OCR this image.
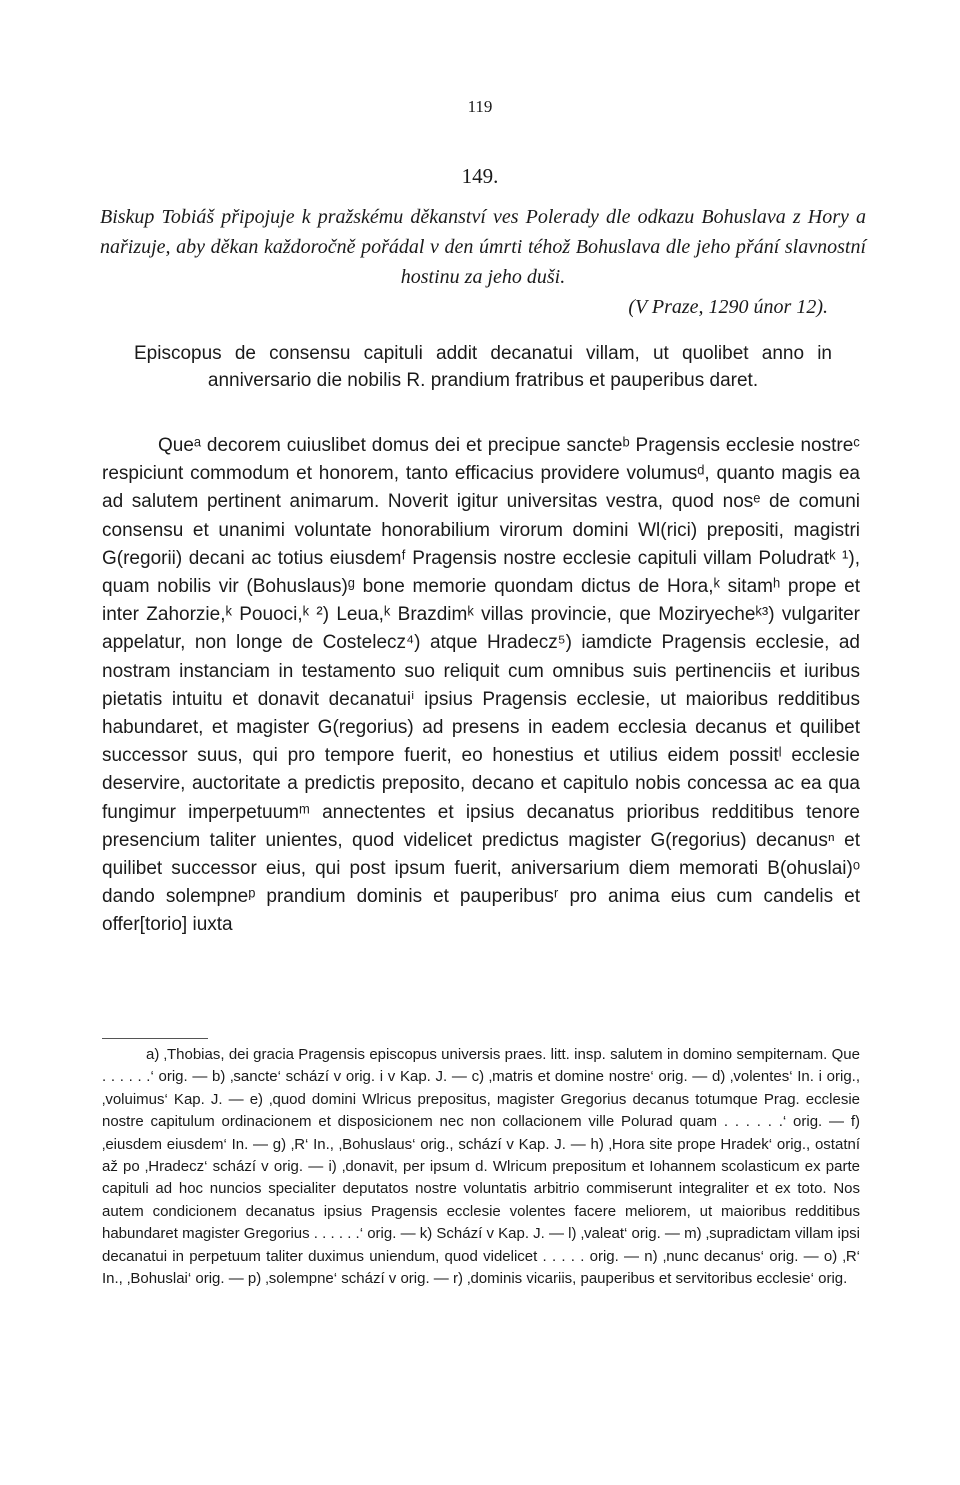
119
149.
Biskup Tobiáš připojuje k pražskému děkanství ves Polerady dle odkazu Bohuslava z Hory a nařizuje, aby děkan každoročně pořádal v den úmrti téhož Bohuslava dle jeho přání slavnostní hostinu za jeho duši.
(V Praze, 1290 únor 12).
Episcopus de consensu capituli addit decanatui villam, ut quolibet anno in anniversario die nobilis R. prandium fratribus et pauperibus daret.
Queᵃ decorem cuiuslibet domus dei et precipue sancteᵇ Pragensis ecclesie nostreᶜ respiciunt commodum et honorem, tanto efficacius providere volumusᵈ, quanto magis ea ad salutem pertinent animarum. Noverit igitur universitas vestra, quod nosᵉ de comuni consensu et unanimi voluntate honorabilium virorum domini Wl(rici) prepositi, magistri G(regorii) decani ac totius eiusdemᶠ Pragensis nostre ecclesie capituli villam Poludratᵏ ¹), quam nobilis vir (Bohuslaus)ᵍ bone memorie quondam dictus de Hora,ᵏ sitamʰ prope et inter Zahorzie,ᵏ Pouoci,ᵏ ²) Leua,ᵏ Brazdimᵏ villas provincie, que Moziryecheᵏ³) vulgariter appelatur, non longe de Costelecz⁴) atque Hradecz⁵) iamdicte Pragensis ecclesie, ad nostram instanciam in testamento suo reliquit cum omnibus suis pertinenciis et iuribus pietatis intuitu et donavit decanatuiⁱ ipsius Pragensis ecclesie, ut maioribus redditibus habundaret, et magister G(regorius) ad presens in eadem ecclesia decanus et quilibet successor suus, qui pro tempore fuerit, eo honestius et utilius eidem possitˡ ecclesie deservire, auctoritate a predictis preposito, decano et capitulo nobis concessa ac ea qua fungimur imperpetuumᵐ annectentes et ipsius decanatus prioribus redditibus tenore presencium taliter unientes, quod videlicet predictus magister G(regorius) decanusⁿ et quilibet successor eius, qui post ipsum fuerit, aniversarium diem memorati B(ohuslai)ᵒ dando solempneᵖ prandium dominis et pauperibusʳ pro anima eius cum candelis et offer[torio] iuxta
a) ‚Thobias, dei gracia Pragensis episcopus universis praes. litt. insp. salutem in domino sempiternam. Que . . . . . .‘ orig. — b) ‚sancte‘ schází v orig. i v Kap. J. — c) ‚matris et domine nostre‘ orig. — d) ‚volentes‘ In. i orig., ‚voluimus‘ Kap. J. — e) ‚quod domini Wlricus prepositus, magister Gregorius decanus totumque Prag. ecclesie nostre capitulum ordinacionem et disposicionem nec non collacionem ville Polurad quam . . . . . .‘ orig. — f) ‚eiusdem eiusdem‘ In. — g) ‚R‘ In., ‚Bohuslaus‘ orig., schází v Kap. J. — h) ‚Hora site prope Hradek‘ orig., ostatní až po ‚Hradecz‘ schází v orig. — i) ‚donavit, per ipsum d. Wlricum prepositum et Iohannem scolasticum ex parte capituli ad hoc nuncios specialiter deputatos nostre voluntatis arbitrio commiserunt integraliter et ex toto. Nos autem condicionem decanatus ipsius Pragensis ecclesie volentes facere meliorem, ut maioribus redditibus habundaret magister Gregorius . . . . . .‘ orig. — k) Schází v Kap. J. — l) ‚valeat‘ orig. — m) ‚supradictam villam ipsi decanatui in perpetuum taliter duximus uniendum, quod videlicet . . . . . orig. — n) ‚nunc decanus‘ orig. — o) ‚R‘ In., ‚Bohuslai‘ orig. — p) ‚solempne‘ schází v orig. — r) ‚dominis vicariis, pauperibus et servitoribus ecclesie‘ orig.
